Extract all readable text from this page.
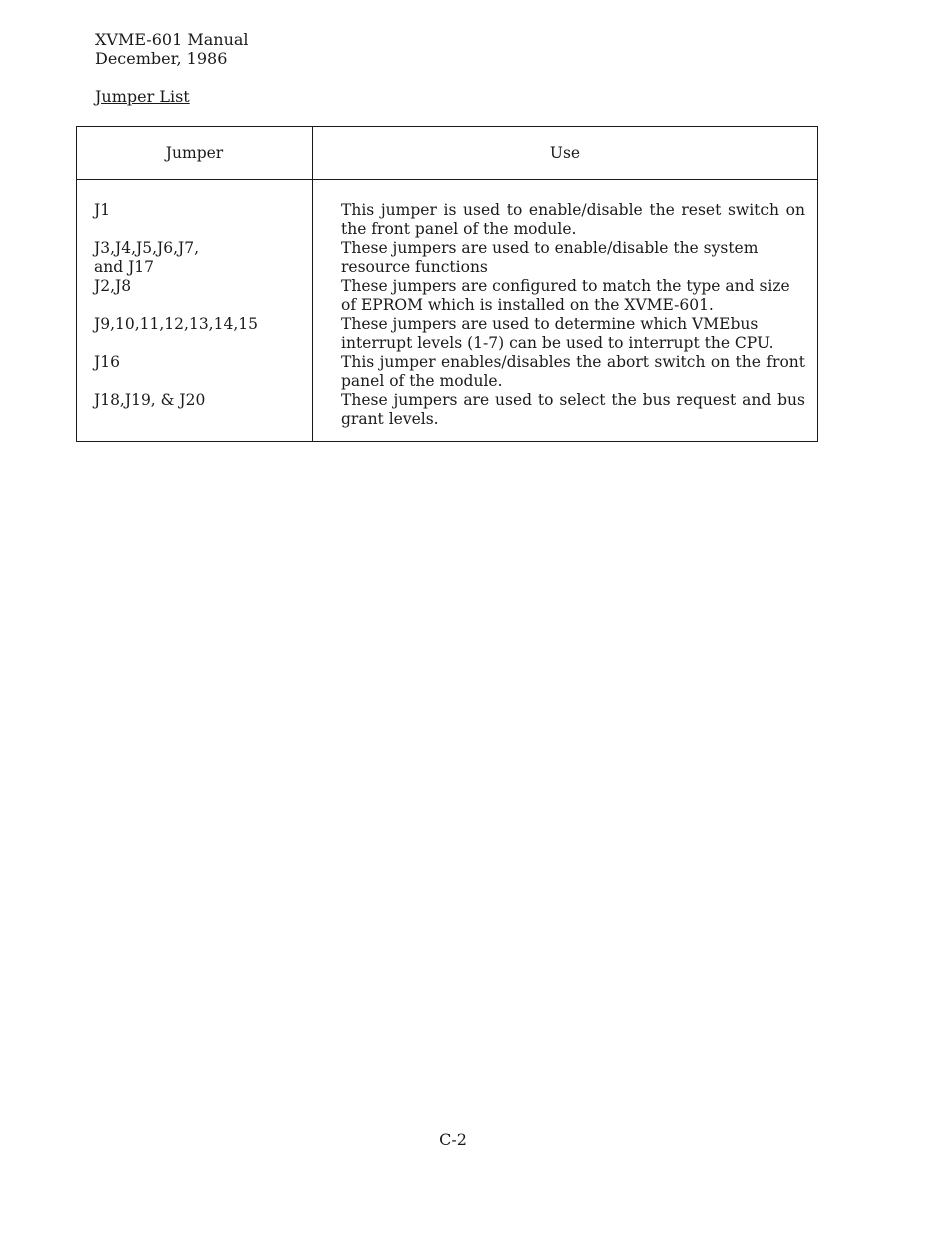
XVME-601 Manual
December, 1986
Jumper List
Jumper	Use
J1	This jumper is used to enable/disable the reset switch on the front panel of the module.
J3,J4,J5,J6,J7,
and J17	These jumpers are used to enable/disable the system
resource functions
J2,J8	These jumpers are configured to match the type and size
of EPROM which is installed on the XVME-601.
J9,10,11,12,13,14,15	These jumpers are used to determine which VMEbus
interrupt levels (1-7) can be used to interrupt the CPU.
J16	This jumper enables/disables the abort switch on the front panel of the module.
J18,J19, & J20	These jumpers are used to select the bus request and bus grant levels.
C-2
